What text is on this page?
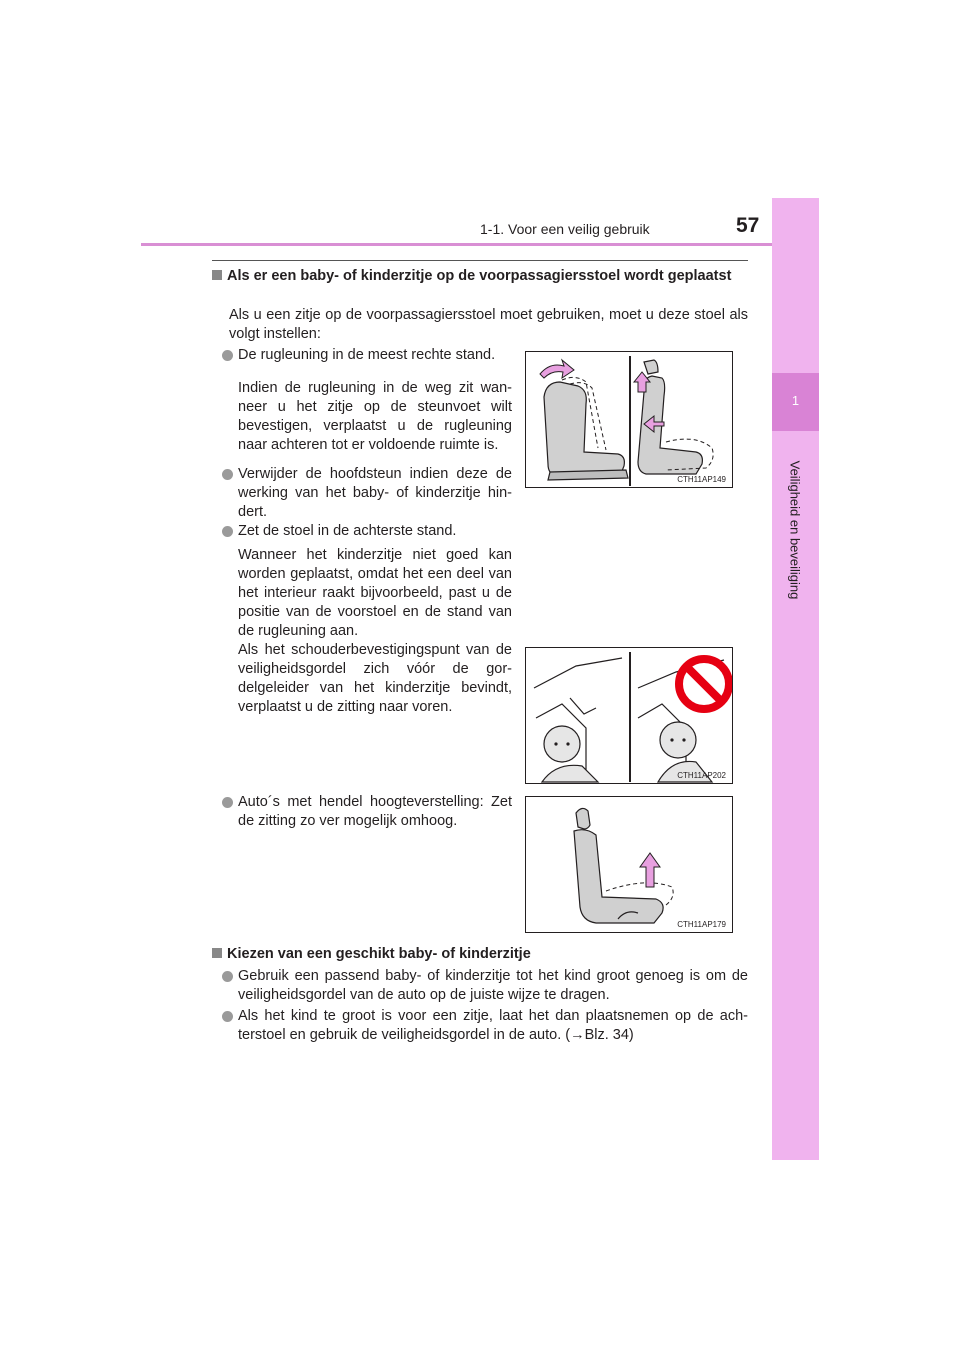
1-1. Voor een veilig gebruik	57
1
Veiligheid en beveiliging
Als er een baby- of kinderzitje op de voorpassagiersstoel wordt geplaatst
Als u een zitje op de voorpassagiersstoel moet gebruiken, moet u deze stoel als volgt instellen:
De rugleuning in de meest rechte stand.
Indien de rugleuning in de weg zit wan-neer u het zitje op de steunvoet wilt bevestigen, verplaatst u de rugleuning naar achteren tot er voldoende ruimte is.
Verwijder de hoofdsteun indien deze de werking van het baby- of kinderzitje hin-dert.
Zet de stoel in de achterste stand.
Wanneer het kinderzitje niet goed kan worden geplaatst, omdat het een deel van het interieur raakt bijvoorbeeld, past u de positie van de voorstoel en de stand van de rugleuning aan.
Als het schouderbevestigingspunt van de veiligheidsgordel zich vóór de gor-delgeleider van het kinderzitje bevindt, verplaatst u de zitting naar voren.
Auto´s met hendel hoogteverstelling: Zet de zitting zo ver mogelijk omhoog.
CTH11AP149
CTH11AP202
CTH11AP179
Kiezen van een geschikt baby- of kinderzitje
Gebruik een passend baby- of kinderzitje tot het kind groot genoeg is om de veiligheidsgordel van de auto op de juiste wijze te dragen.
Als het kind te groot is voor een zitje, laat het dan plaatsnemen op de ach-terstoel en gebruik de veiligheidsgordel in de auto. (→Blz. 34)
